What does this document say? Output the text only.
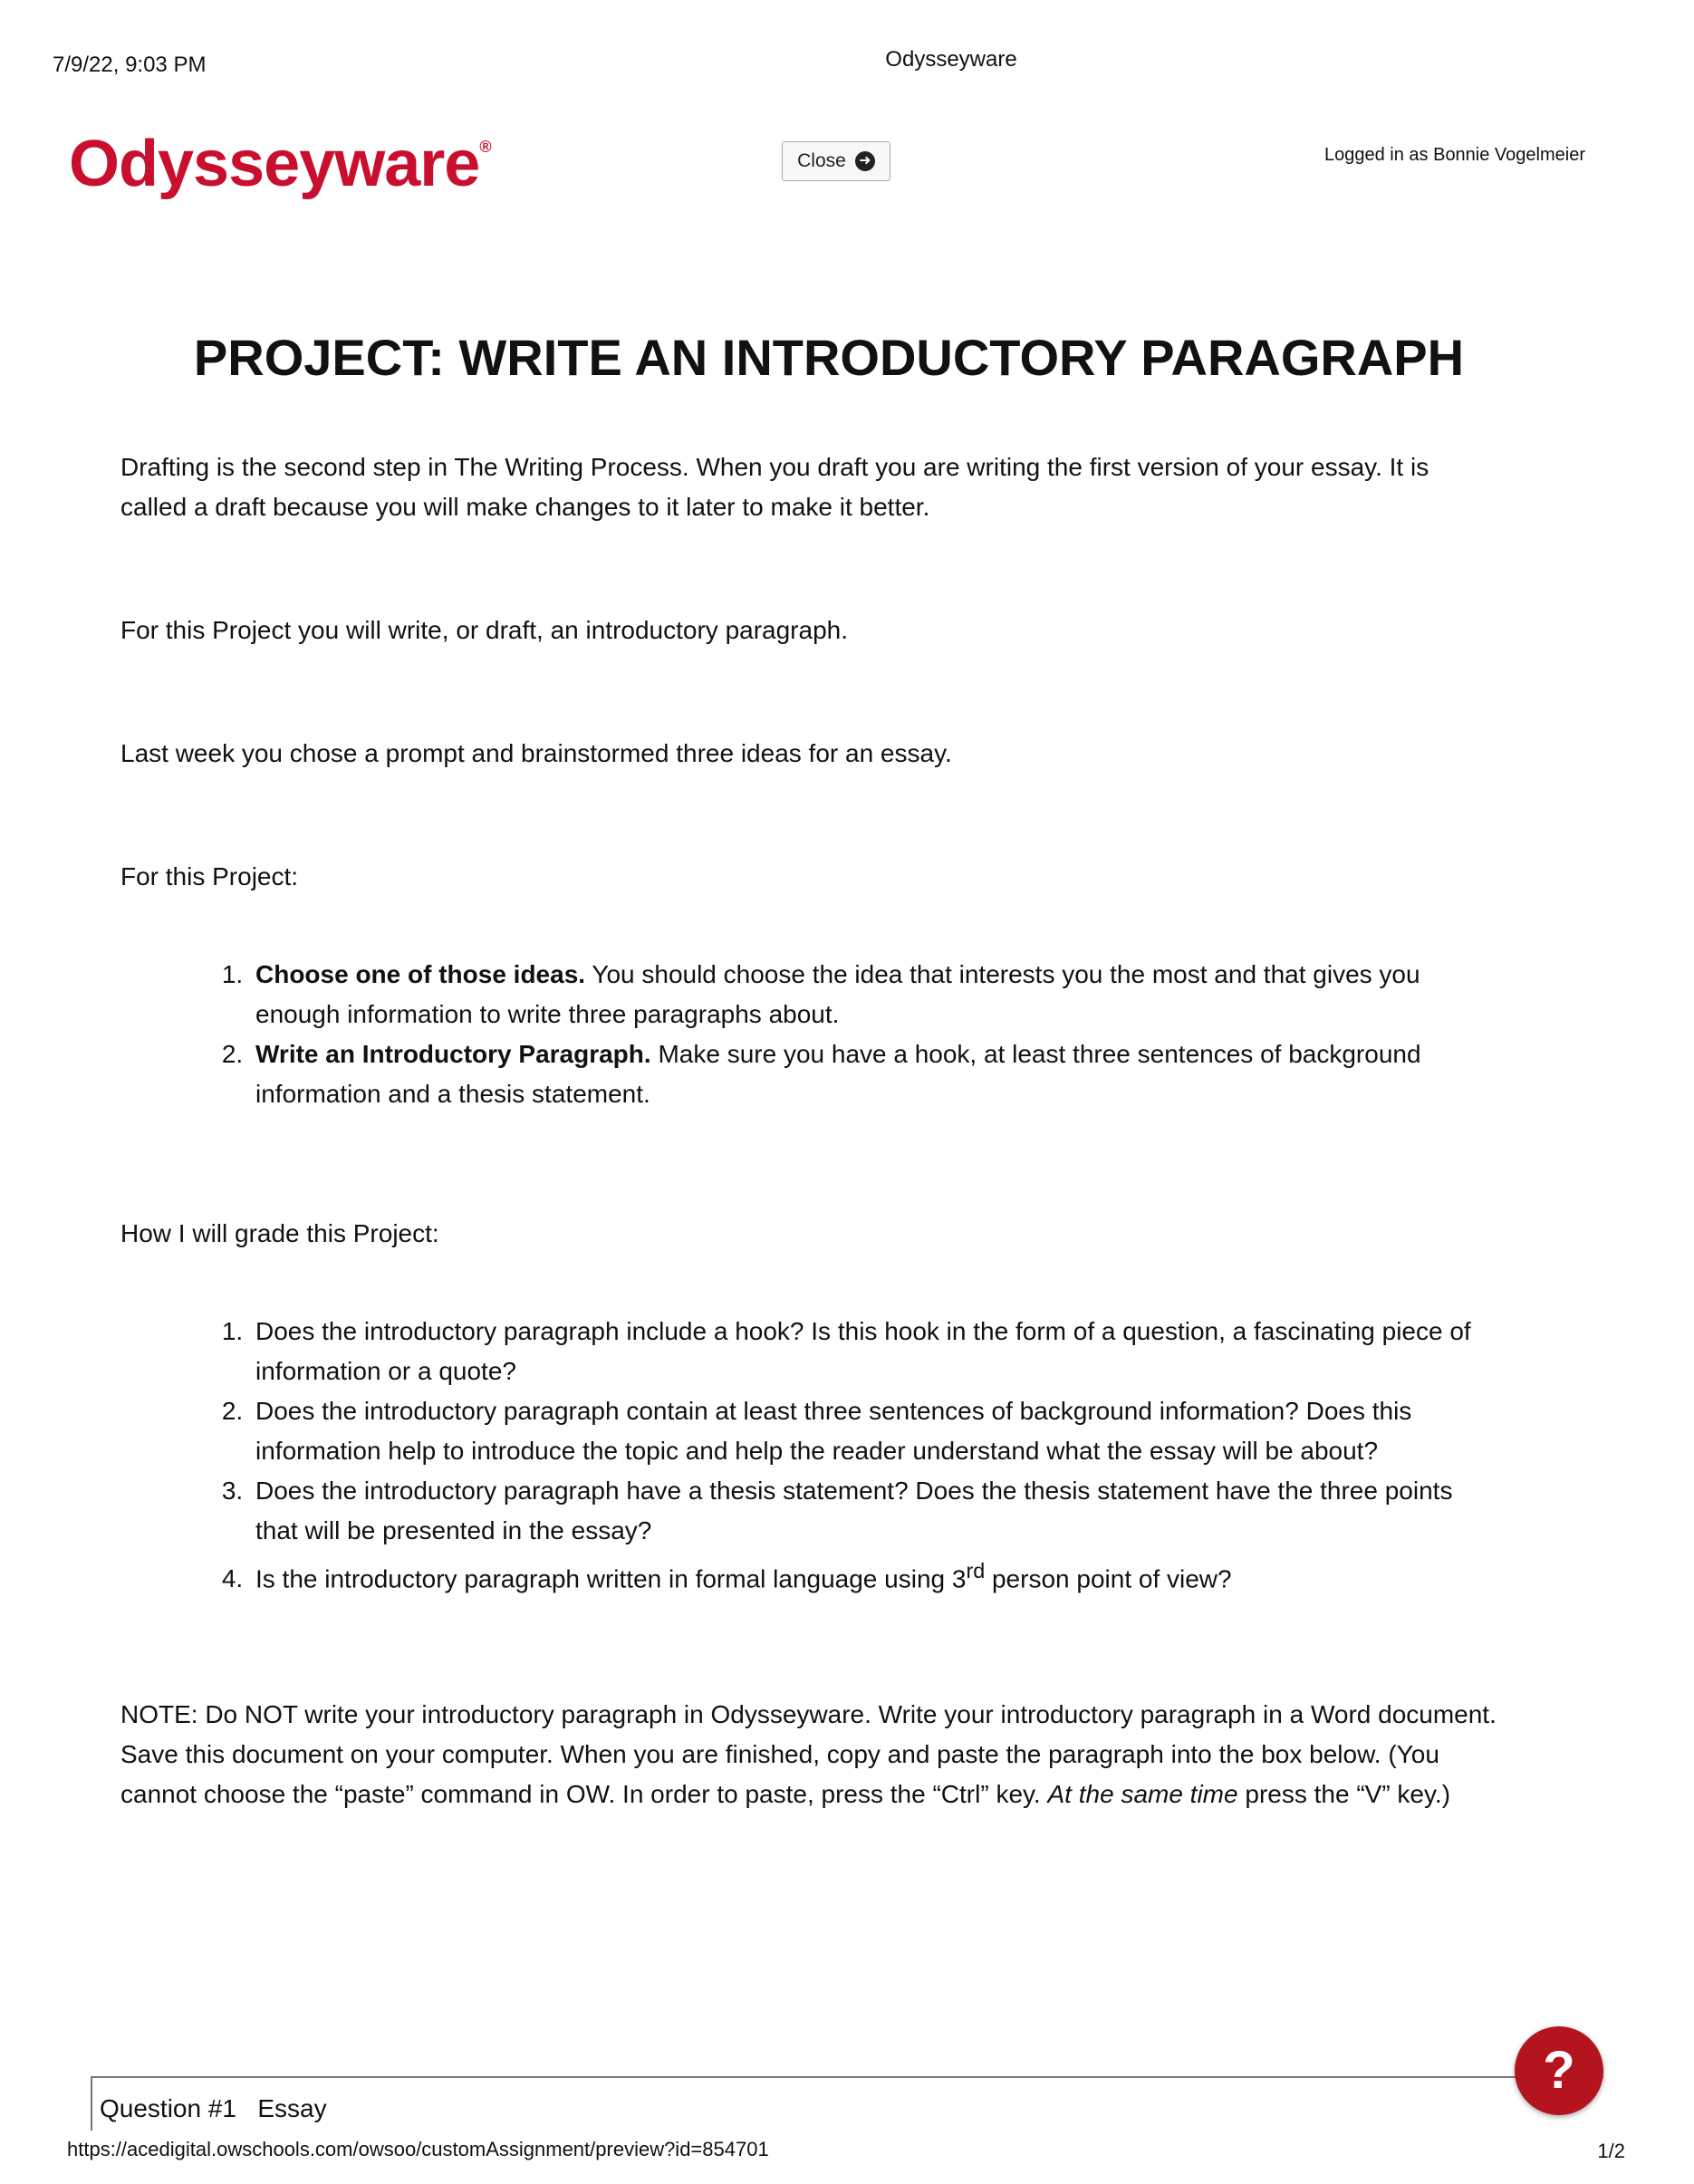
7/9/22, 9:03 PM	Odysseyware
Odysseyware®
Close ➜	Logged in as Bonnie Vogelmeier
PROJECT: WRITE AN INTRODUCTORY PARAGRAPH

Drafting is the second step in The Writing Process. When you draft you are writing the first version of your essay. It is called a draft because you will make changes to it later to make it better.

For this Project you will write, or draft, an introductory paragraph.

Last week you chose a prompt and brainstormed three ideas for an essay.

For this Project:

1. Choose one of those ideas. You should choose the idea that interests you the most and that gives you enough information to write three paragraphs about.
2. Write an Introductory Paragraph. Make sure you have a hook, at least three sentences of background information and a thesis statement.

How I will grade this Project:

1. Does the introductory paragraph include a hook? Is this hook in the form of a question, a fascinating piece of information or a quote?
2. Does the introductory paragraph contain at least three sentences of background information? Does this information help to introduce the topic and help the reader understand what the essay will be about?
3. Does the introductory paragraph have a thesis statement? Does the thesis statement have the three points that will be presented in the essay?
4. Is the introductory paragraph written in formal language using 3rd person point of view?

NOTE: Do NOT write your introductory paragraph in Odysseyware. Write your introductory paragraph in a Word document. Save this document on your computer. When you are finished, copy and paste the paragraph into the box below. (You cannot choose the “paste” command in OW. In order to paste, press the “Ctrl” key. At the same time press the “V” key.)

Question #1 Essay
?
https://acedigital.owschools.com/owsoo/customAssignment/preview?id=854701	1/2
